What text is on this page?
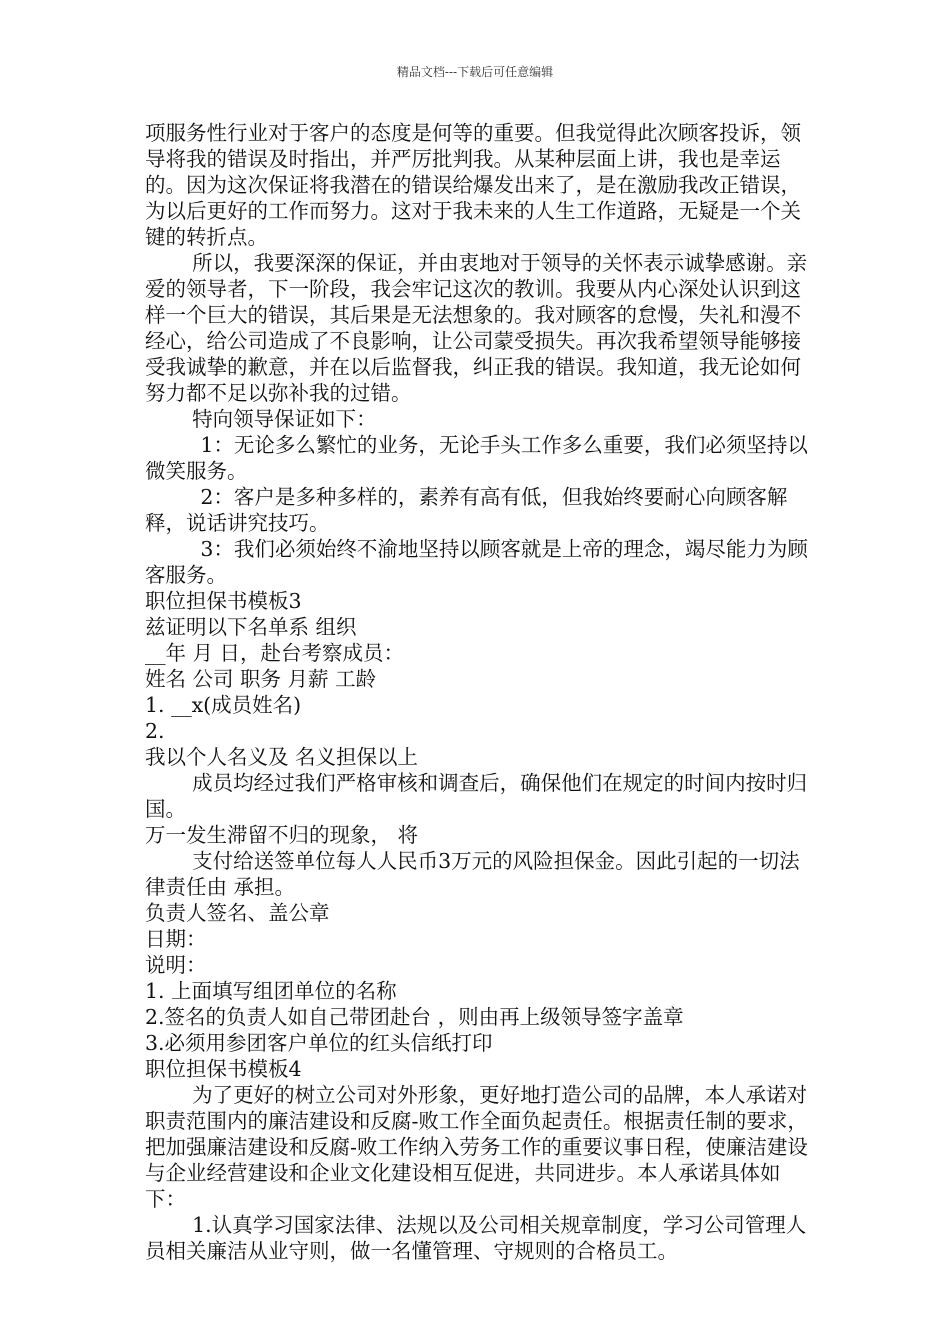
精品文档---下载后可任意编辑

项服务性行业对于客户的态度是何等的重要。但我觉得此次顾客投诉，领导将我的错误及时指出，并严厉批判我。从某种层面上讲，我也是幸运的。因为这次保证将我潜在的错误给爆发出来了，是在激励我改正错误，为以后更好的工作而努力。这对于我未来的人生工作道路，无疑是一个关键的转折点。

所以，我要深深的保证，并由衷地对于领导的关怀表示诚挚感谢。亲爱的领导者，下一阶段，我会牢记这次的教训。我要从内心深处认识到这样一个巨大的错误，其后果是无法想象的。我对顾客的怠慢，失礼和漫不经心，给公司造成了不良影响，让公司蒙受损失。再次我希望领导能够接受我诚挚的歉意，并在以后监督我，纠正我的错误。我知道，我无论如何努力都不足以弥补我的过错。

特向领导保证如下：

1：无论多么繁忙的业务，无论手头工作多么重要，我们必须坚持以微笑服务。

2：客户是多种多样的，素养有高有低，但我始终要耐心向顾客解释，说话讲究技巧。

3：我们必须始终不渝地坚持以顾客就是上帝的理念，竭尽能力为顾客服务。

职位担保书模板3

兹证明以下名单系 组织

__年 月 日，赴台考察成员：

姓名 公司 职务 月薪 工龄

1. __x(成员姓名)

2.

我以个人名义及 名义担保以上

成员均经过我们严格审核和调查后，确保他们在规定的时间内按时归国。

万一发生滞留不归的现象， 将

支付给送签单位每人人民币3万元的风险担保金。因此引起的一切法律责任由 承担。

负责人签名、盖公章

日期：

说明：

1. 上面填写组团单位的名称

2.签名的负责人如自己带团赴台 ，则由再上级领导签字盖章

3.必须用参团客户单位的红头信纸打印

职位担保书模板4

为了更好的树立公司对外形象，更好地打造公司的品牌，本人承诺对职责范围内的廉洁建设和反腐-败工作全面负起责任。根据责任制的要求，把加强廉洁建设和反腐-败工作纳入劳务工作的重要议事日程，使廉洁建设与企业经营建设和企业文化建设相互促进，共同进步。本人承诺具体如下：

1.认真学习国家法律、法规以及公司相关规章制度，学习公司管理人员相关廉洁从业守则，做一名懂管理、守规则的合格员工。
